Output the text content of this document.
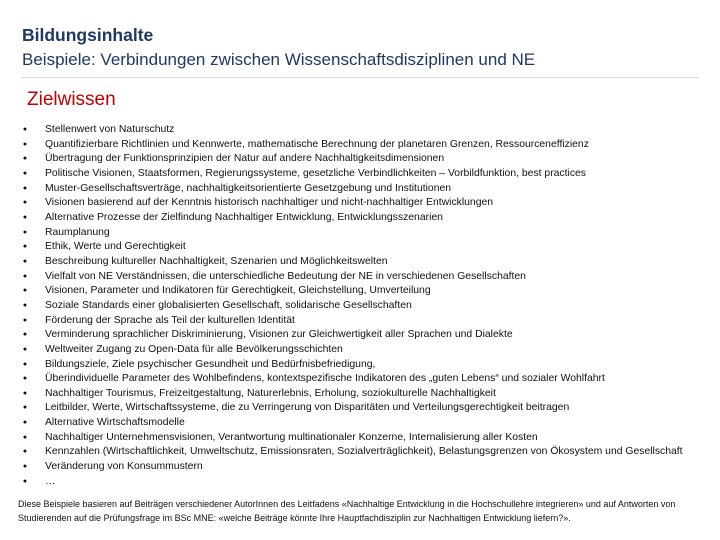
Bildungsinhalte
Beispiele: Verbindungen zwischen Wissenschaftsdisziplinen und NE
Zielwissen
●	Stellenwert von Naturschutz
●	Quantifizierbare Richtlinien und Kennwerte, mathematische Berechnung der planetaren Grenzen, Ressourceneffizienz
●	Übertragung der Funktionsprinzipien der Natur auf andere Nachhaltigkeitsdimensionen
●	Politische Visionen, Staatsformen, Regierungssysteme, gesetzliche Verbindlichkeiten – Vorbildfunktion, best practices
●	Muster-Gesellschaftsverträge, nachhaltigkeitsorientierte Gesetzgebung und Institutionen
●	Visionen basierend auf der Kenntnis historisch nachhaltiger und nicht-nachhaltiger Entwicklungen
●	Alternative Prozesse der Zielfindung Nachhaltiger Entwicklung, Entwicklungsszenarien
●	Raumplanung
●	Ethik, Werte und Gerechtigkeit
●	Beschreibung kultureller Nachhaltigkeit, Szenarien und Möglichkeitswelten
●	Vielfalt von NE Verständnissen, die unterschiedliche Bedeutung der NE in verschiedenen Gesellschaften
●	Visionen, Parameter und Indikatoren für Gerechtigkeit, Gleichstellung, Umverteilung
●	Soziale Standards einer globalisierten Gesellschaft, solidarische Gesellschaften
●	Förderung der Sprache als Teil der kulturellen Identität
●	Verminderung sprachlicher Diskriminierung, Visionen zur Gleichwertigkeit aller Sprachen und Dialekte
●	Weltweiter Zugang zu Open-Data für alle Bevölkerungsschichten
●	Bildungsziele, Ziele psychischer Gesundheit und Bedürfnisbefriedigung,
●	Überindividuelle Parameter des Wohlbefindens, kontextspezifische Indikatoren des „guten Lebens“ und sozialer Wohlfahrt
●	Nachhaltiger Tourismus, Freizeitgestaltung, Naturerlebnis, Erholung, soziokulturelle Nachhaltigkeit
●	Leitbilder, Werte, Wirtschaftssysteme, die zu Verringerung von Disparitäten und Verteilungsgerechtigkeit beitragen
●	Alternative Wirtschaftsmodelle
●	Nachhaltiger Unternehmensvisionen, Verantwortung multinationaler Konzerne, Internalisierung aller Kosten
●	Kennzahlen (Wirtschaftlichkeit, Umweltschutz, Emissionsraten, Sozialverträglichkeit), Belastungsgrenzen von Ökosystem und Gesellschaft
●	Veränderung von Konsummustern
●	…
Diese Beispiele basieren auf Beiträgen verschiedener AutorInnen des Leitfadens «Nachhaltige Entwicklung in die Hochschullehre integrieren» und auf Antworten von Studierenden auf die Prüfungsfrage im BSc MNE: «welche Beiträge könnte Ihre Hauptfachdisziplin zur Nachhaltigen Entwicklung liefern?».
